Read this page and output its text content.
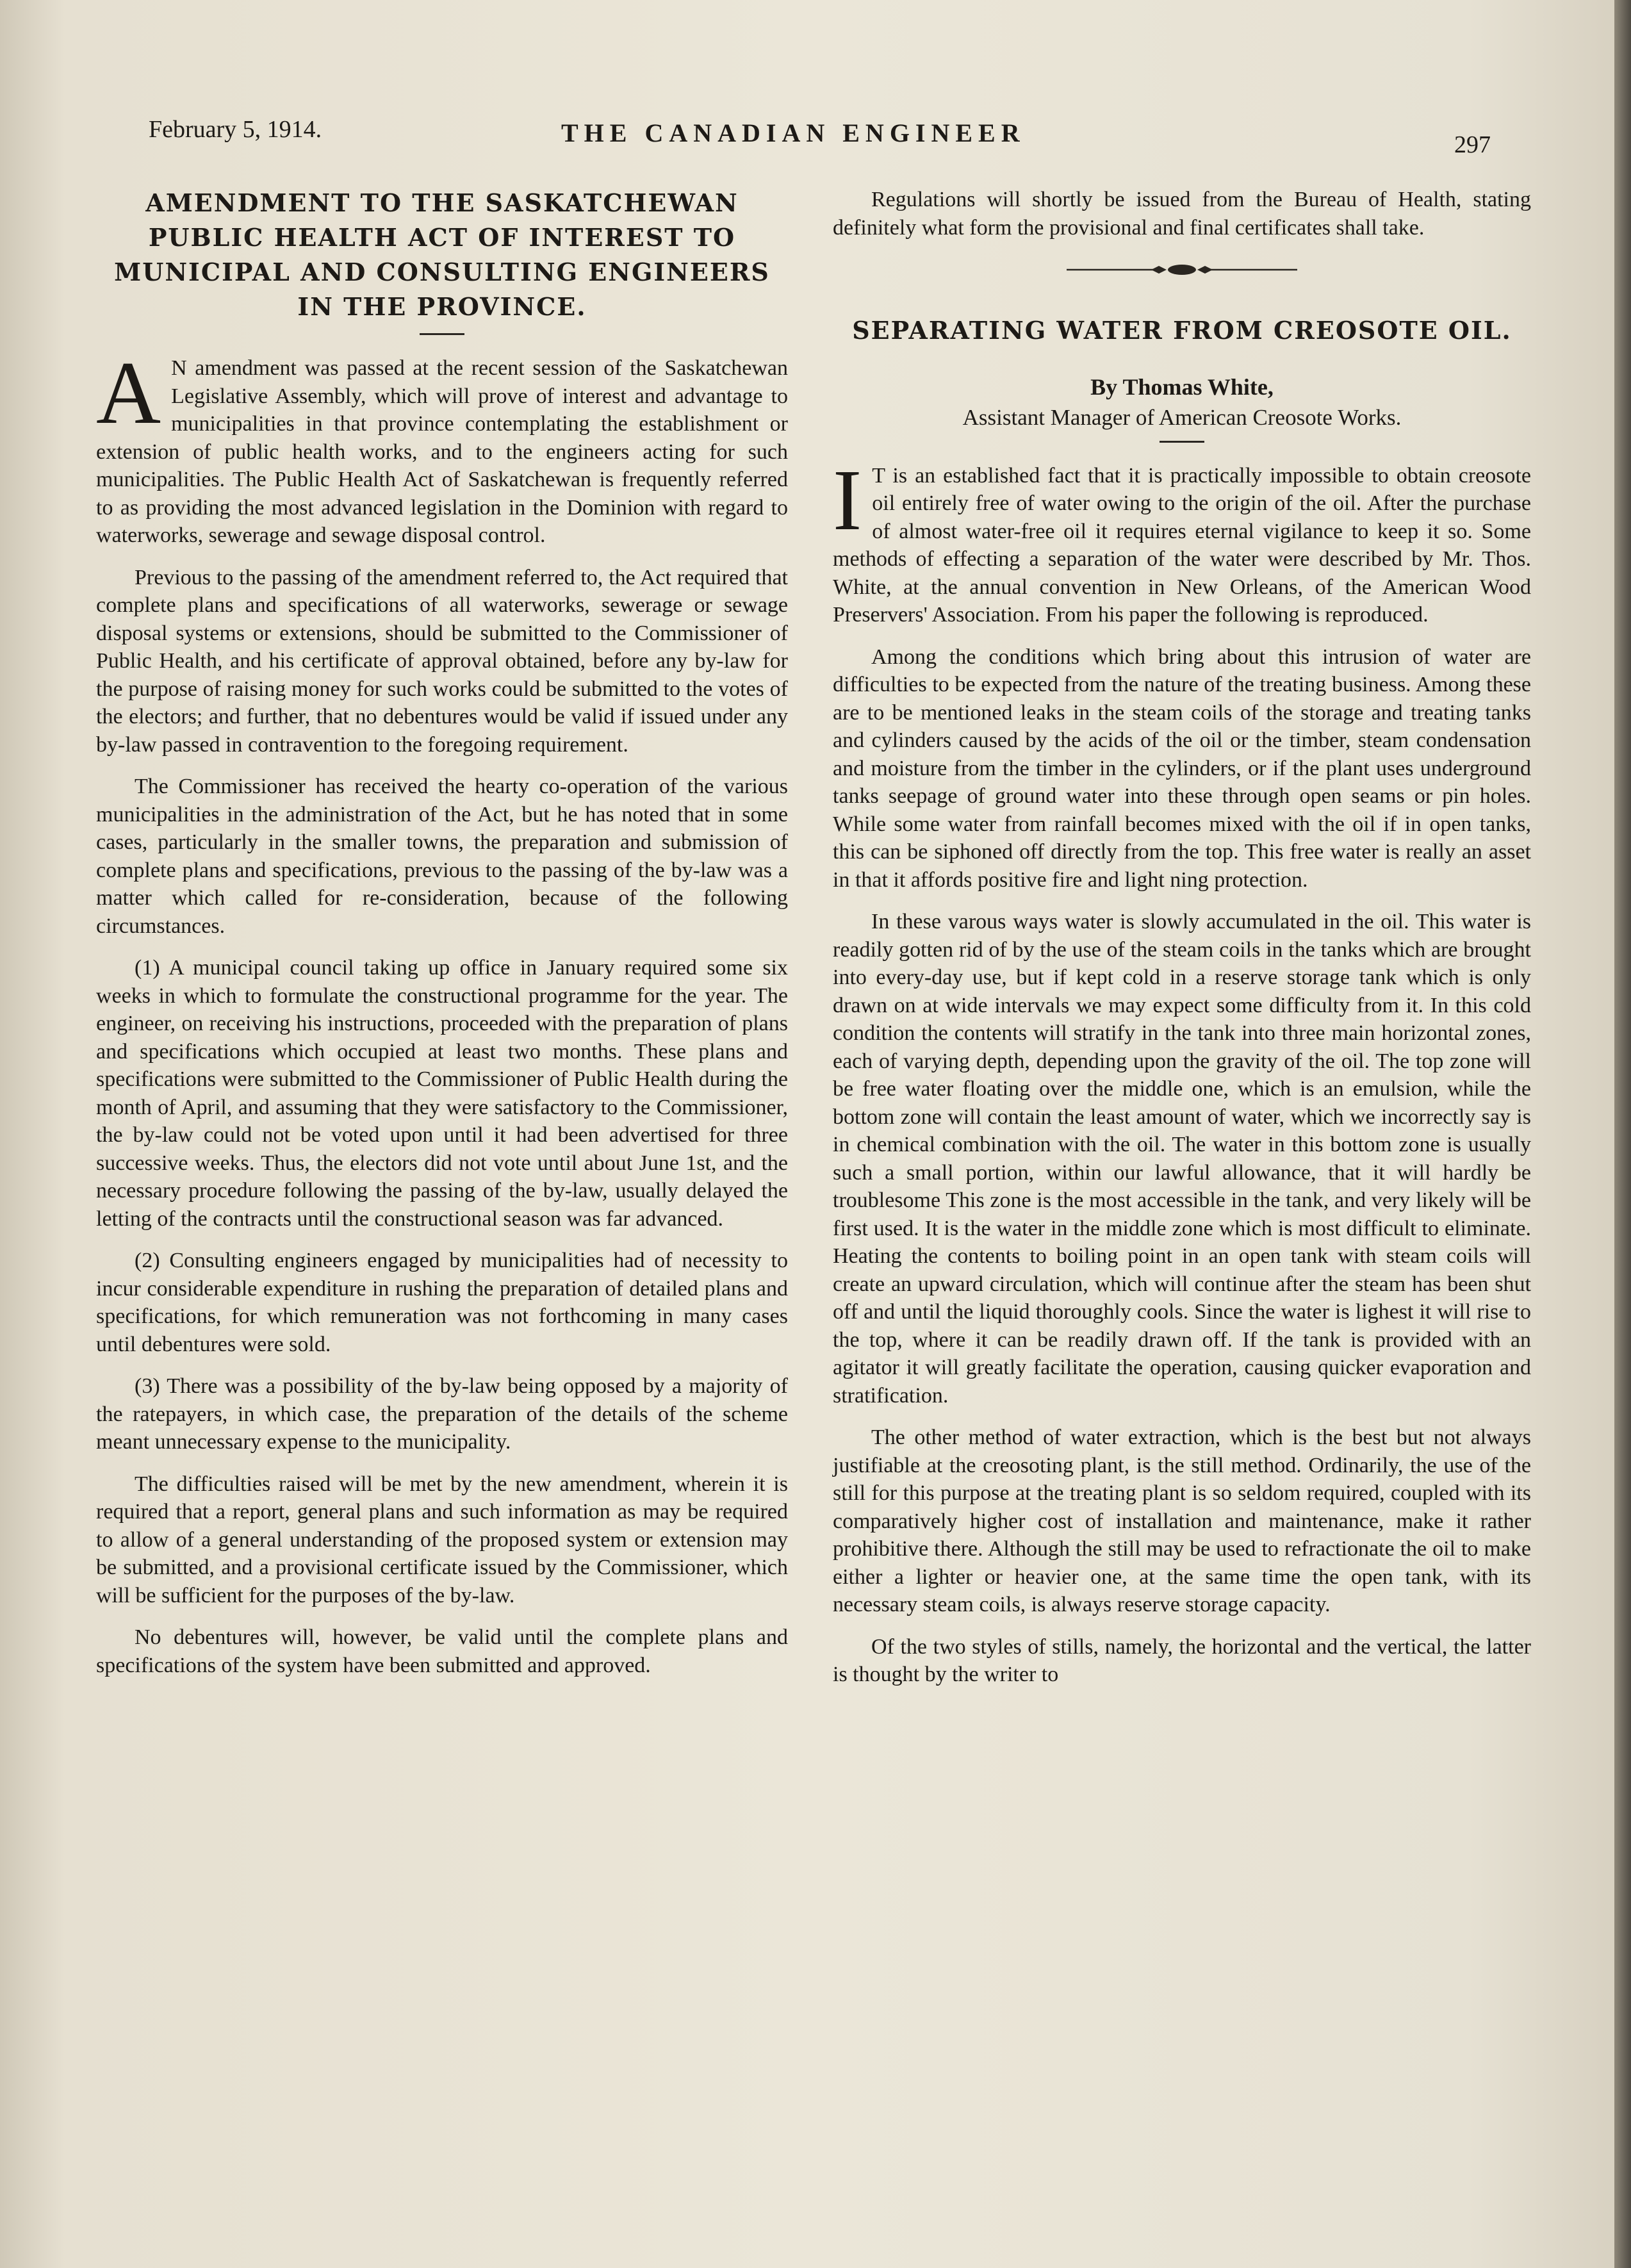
February 5, 1914.	THE CANADIAN ENGINEER	297
AMENDMENT TO THE SASKATCHEWAN PUBLIC HEALTH ACT OF INTEREST TO MUNICIPAL AND CONSULTING ENGINEERS IN THE PROVINCE.

A N amendment was passed at the recent session of the Saskatchewan Legislative Assembly, which will prove of interest and advantage to municipalities in that province contemplating the establishment or extension of public health works, and to the engineers acting for such municipalities. The Public Health Act of Saskatchewan is frequently referred to as providing the most advanced legislation in the Dominion with regard to waterworks, sewerage and sewage disposal control.

Previous to the passing of the amendment referred to, the Act required that complete plans and specifications of all waterworks, sewerage or sewage disposal systems or extensions, should be submitted to the Commissioner of Public Health, and his certificate of approval obtained, before any by-law for the purpose of raising money for such works could be submitted to the votes of the electors; and further, that no debentures would be valid if issued under any by-law passed in contravention to the foregoing requirement.

The Commissioner has received the hearty co-operation of the various municipalities in the administration of the Act, but he has noted that in some cases, particularly in the smaller towns, the preparation and submission of complete plans and specifications, previous to the passing of the by-law was a matter which called for re-consideration, because of the following circumstances.

(1) A municipal council taking up office in January required some six weeks in which to formulate the constructional programme for the year. The engineer, on receiving his instructions, proceeded with the preparation of plans and specifications which occupied at least two months. These plans and specifications were submitted to the Commissioner of Public Health during the month of April, and assuming that they were satisfactory to the Commissioner, the by-law could not be voted upon until it had been advertised for three successive weeks. Thus, the electors did not vote until about June 1st, and the necessary procedure following the passing of the by-law, usually delayed the letting of the contracts until the constructional season was far advanced.

(2) Consulting engineers engaged by municipalities had of necessity to incur considerable expenditure in rushing the preparation of detailed plans and specifications, for which remuneration was not forthcoming in many cases until debentures were sold.

(3) There was a possibility of the by-law being opposed by a majority of the ratepayers, in which case, the preparation of the details of the scheme meant unnecessary expense to the municipality.

The difficulties raised will be met by the new amendment, wherein it is required that a report, general plans and such information as may be required to allow of a general understanding of the proposed system or extension may be submitted, and a provisional certificate issued by the Commissioner, which will be sufficient for the purposes of the by-law.

No debentures will, however, be valid until the complete plans and specifications of the system have been submitted and approved.

Regulations will shortly be issued from the Bureau of Health, stating definitely what form the provisional and final certificates shall take.

SEPARATING WATER FROM CREOSOTE OIL.
By Thomas White,

Assistant Manager of American Creosote Works.

I T is an established fact that it is practically impossible to obtain creosote oil entirely free of water owing to the origin of the oil. After the purchase of almost water-free oil it requires eternal vigilance to keep it so. Some methods of effecting a separation of the water were described by Mr. Thos. White, at the annual convention in New Orleans, of the American Wood Preservers' Association. From his paper the following is reproduced.

Among the conditions which bring about this intrusion of water are difficulties to be expected from the nature of the treating business. Among these are to be mentioned leaks in the steam coils of the storage and treating tanks and cylinders caused by the acids of the oil or the timber, steam condensation and moisture from the timber in the cylinders, or if the plant uses underground tanks seepage of ground water into these through open seams or pin holes. While some water from rainfall becomes mixed with the oil if in open tanks, this can be siphoned off directly from the top. This free water is really an asset in that it affords positive fire and light ning protection.

In these varous ways water is slowly accumulated in the oil. This water is readily gotten rid of by the use of the steam coils in the tanks which are brought into every-day use, but if kept cold in a reserve storage tank which is only drawn on at wide intervals we may expect some difficulty from it. In this cold condition the contents will stratify in the tank into three main horizontal zones, each of varying depth, depending upon the gravity of the oil. The top zone will be free water floating over the middle one, which is an emulsion, while the bottom zone will contain the least amount of water, which we incorrectly say is in chemical combination with the oil. The water in this bottom zone is usually such a small portion, within our lawful allowance, that it will hardly be troublesome This zone is the most accessible in the tank, and very likely will be first used. It is the water in the middle zone which is most difficult to eliminate. Heating the contents to boiling point in an open tank with steam coils will create an upward circulation, which will continue after the steam has been shut off and until the liquid thoroughly cools. Since the water is lighest it will rise to the top, where it can be readily drawn off. If the tank is provided with an agitator it will greatly facilitate the operation, causing quicker evaporation and stratification.

The other method of water extraction, which is the best but not always justifiable at the creosoting plant, is the still method. Ordinarily, the use of the still for this purpose at the treating plant is so seldom required, coupled with its comparatively higher cost of installation and maintenance, make it rather prohibitive there. Although the still may be used to refractionate the oil to make either a lighter or heavier one, at the same time the open tank, with its necessary steam coils, is always reserve storage capacity.

Of the two styles of stills, namely, the horizontal and the vertical, the latter is thought by the writer to
